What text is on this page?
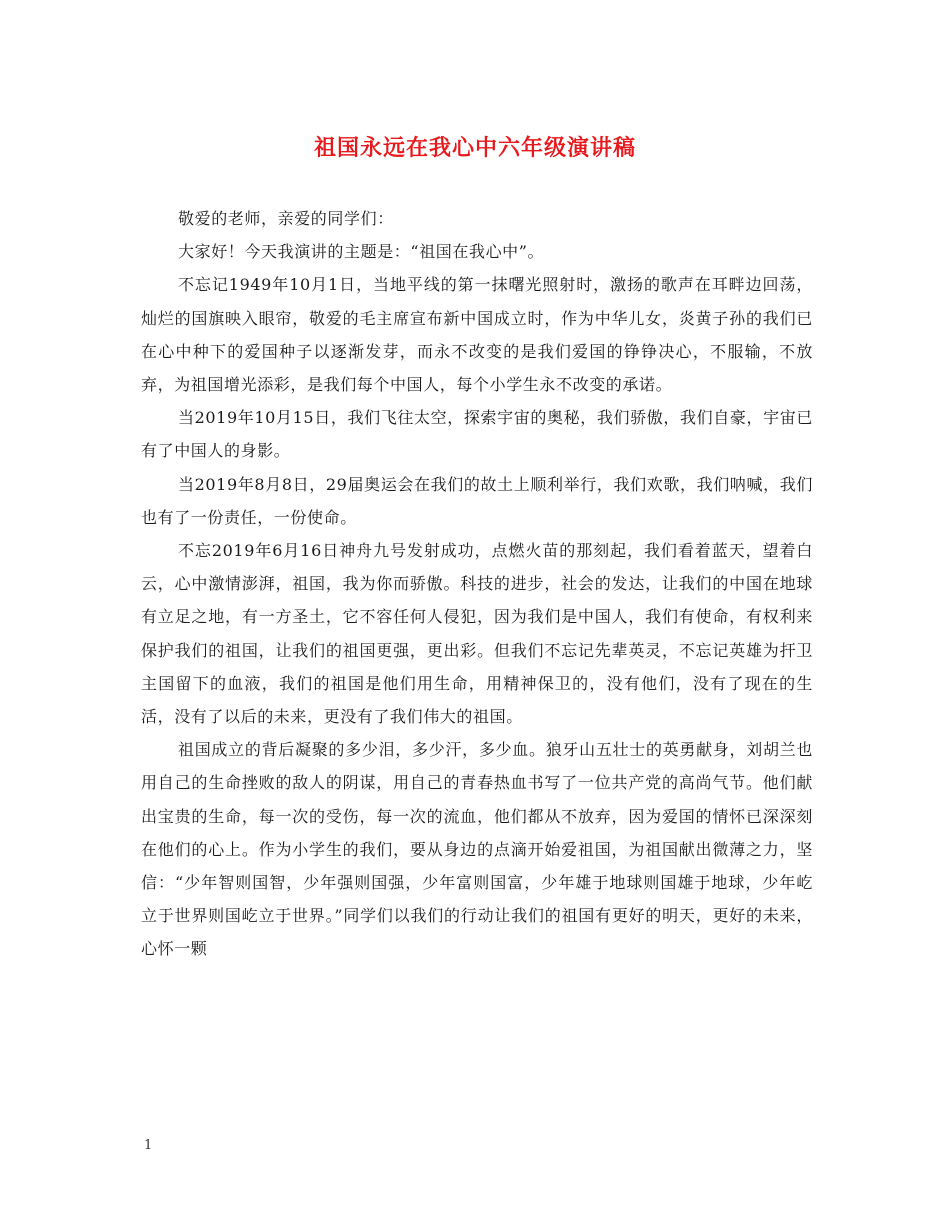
祖国永远在我心中六年级演讲稿

敬爱的老师，亲爱的同学们：

大家好！今天我演讲的主题是：“祖国在我心中”。

不忘记1949年10月1日，当地平线的第一抹曙光照射时，激扬的歌声在耳畔边回荡，灿烂的国旗映入眼帘，敬爱的毛主席宣布新中国成立时，作为中华儿女，炎黄子孙的我们已在心中种下的爱国种子以逐渐发芽，而永不改变的是我们爱国的铮铮决心，不服输，不放弃，为祖国增光添彩，是我们每个中国人，每个小学生永不改变的承诺。

当2019年10月15日，我们飞往太空，探索宇宙的奥秘，我们骄傲，我们自豪，宇宙已有了中国人的身影。

当2019年8月8日，29届奥运会在我们的故土上顺利举行，我们欢歌，我们呐喊，我们也有了一份责任，一份使命。

不忘2019年6月16日神舟九号发射成功，点燃火苗的那刻起，我们看着蓝天，望着白云，心中激情澎湃，祖国，我为你而骄傲。科技的进步，社会的发达，让我们的中国在地球有立足之地，有一方圣土，它不容任何人侵犯，因为我们是中国人，我们有使命，有权利来保护我们的祖国，让我们的祖国更强，更出彩。但我们不忘记先辈英灵，不忘记英雄为扞卫主国留下的血液，我们的祖国是他们用生命，用精神保卫的，没有他们，没有了现在的生活，没有了以后的未来，更没有了我们伟大的祖国。

祖国成立的背后凝聚的多少泪，多少汗，多少血。狼牙山五壮士的英勇献身，刘胡兰也用自己的生命挫败的敌人的阴谋，用自己的青春热血书写了一位共产党的高尚气节。他们献出宝贵的生命，每一次的受伤，每一次的流血，他们都从不放弃，因为爱国的情怀已深深刻在他们的心上。作为小学生的我们，要从身边的点滴开始爱祖国，为祖国献出微薄之力，坚信：“少年智则国智，少年强则国强，少年富则国富，少年雄于地球则国雄于地球，少年屹立于世界则国屹立于世界。”同学们以我们的行动让我们的祖国有更好的明天，更好的未来，心怀一颗

1
